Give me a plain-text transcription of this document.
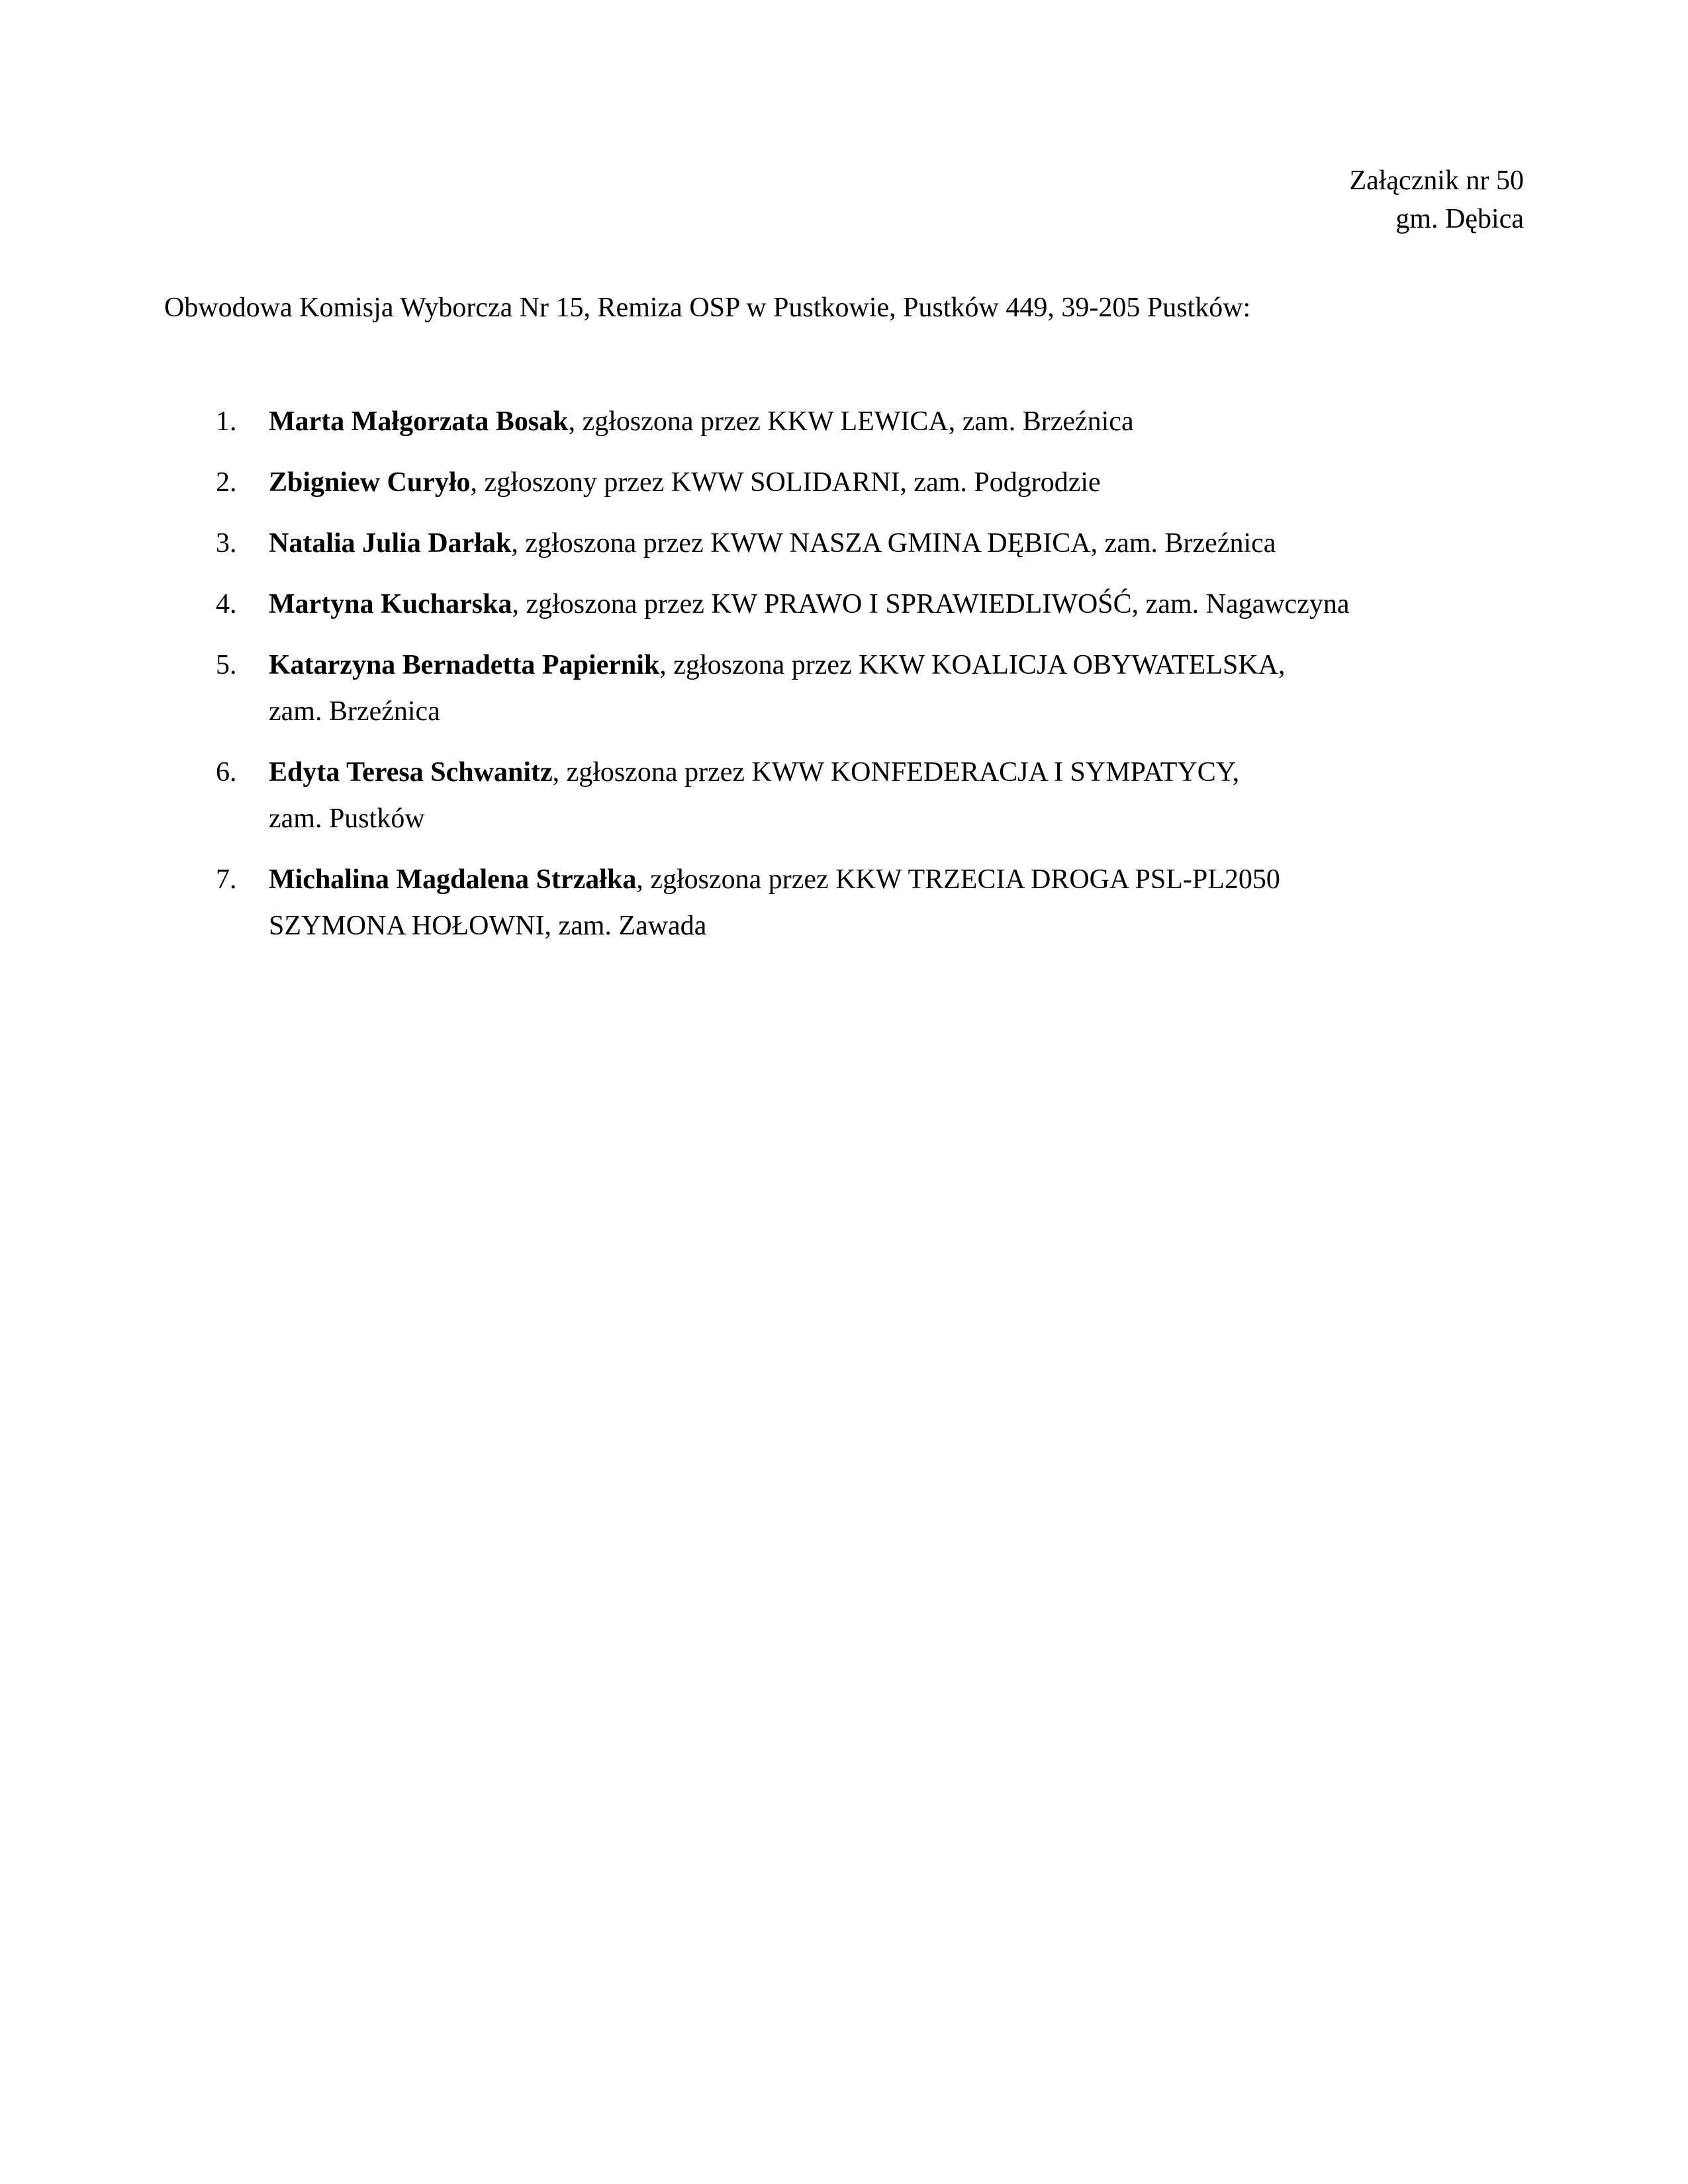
Załącznik nr 50
gm. Dębica
Obwodowa Komisja Wyborcza Nr 15, Remiza OSP w Pustkowie, Pustków 449, 39-205 Pustków:
1. Marta Małgorzata Bosak, zgłoszona przez KKW LEWICA, zam. Brzeźnica
2. Zbigniew Curyło, zgłoszony przez KWW SOLIDARNI, zam. Podgrodzie
3. Natalia Julia Darłak, zgłoszona przez KWW NASZA GMINA DĘBICA, zam. Brzeźnica
4. Martyna Kucharska, zgłoszona przez KW PRAWO I SPRAWIEDLIWOŚĆ, zam. Nagawczyna
5. Katarzyna Bernadetta Papiernik, zgłoszona przez KKW KOALICJA OBYWATELSKA,
zam. Brzeźnica
6. Edyta Teresa Schwanitz, zgłoszona przez KWW KONFEDERACJA I SYMPATYCY,
zam. Pustków
7. Michalina Magdalena Strzałka, zgłoszona przez KKW TRZECIA DROGA PSL-PL2050
SZYMONA HOŁOWNI, zam. Zawada
